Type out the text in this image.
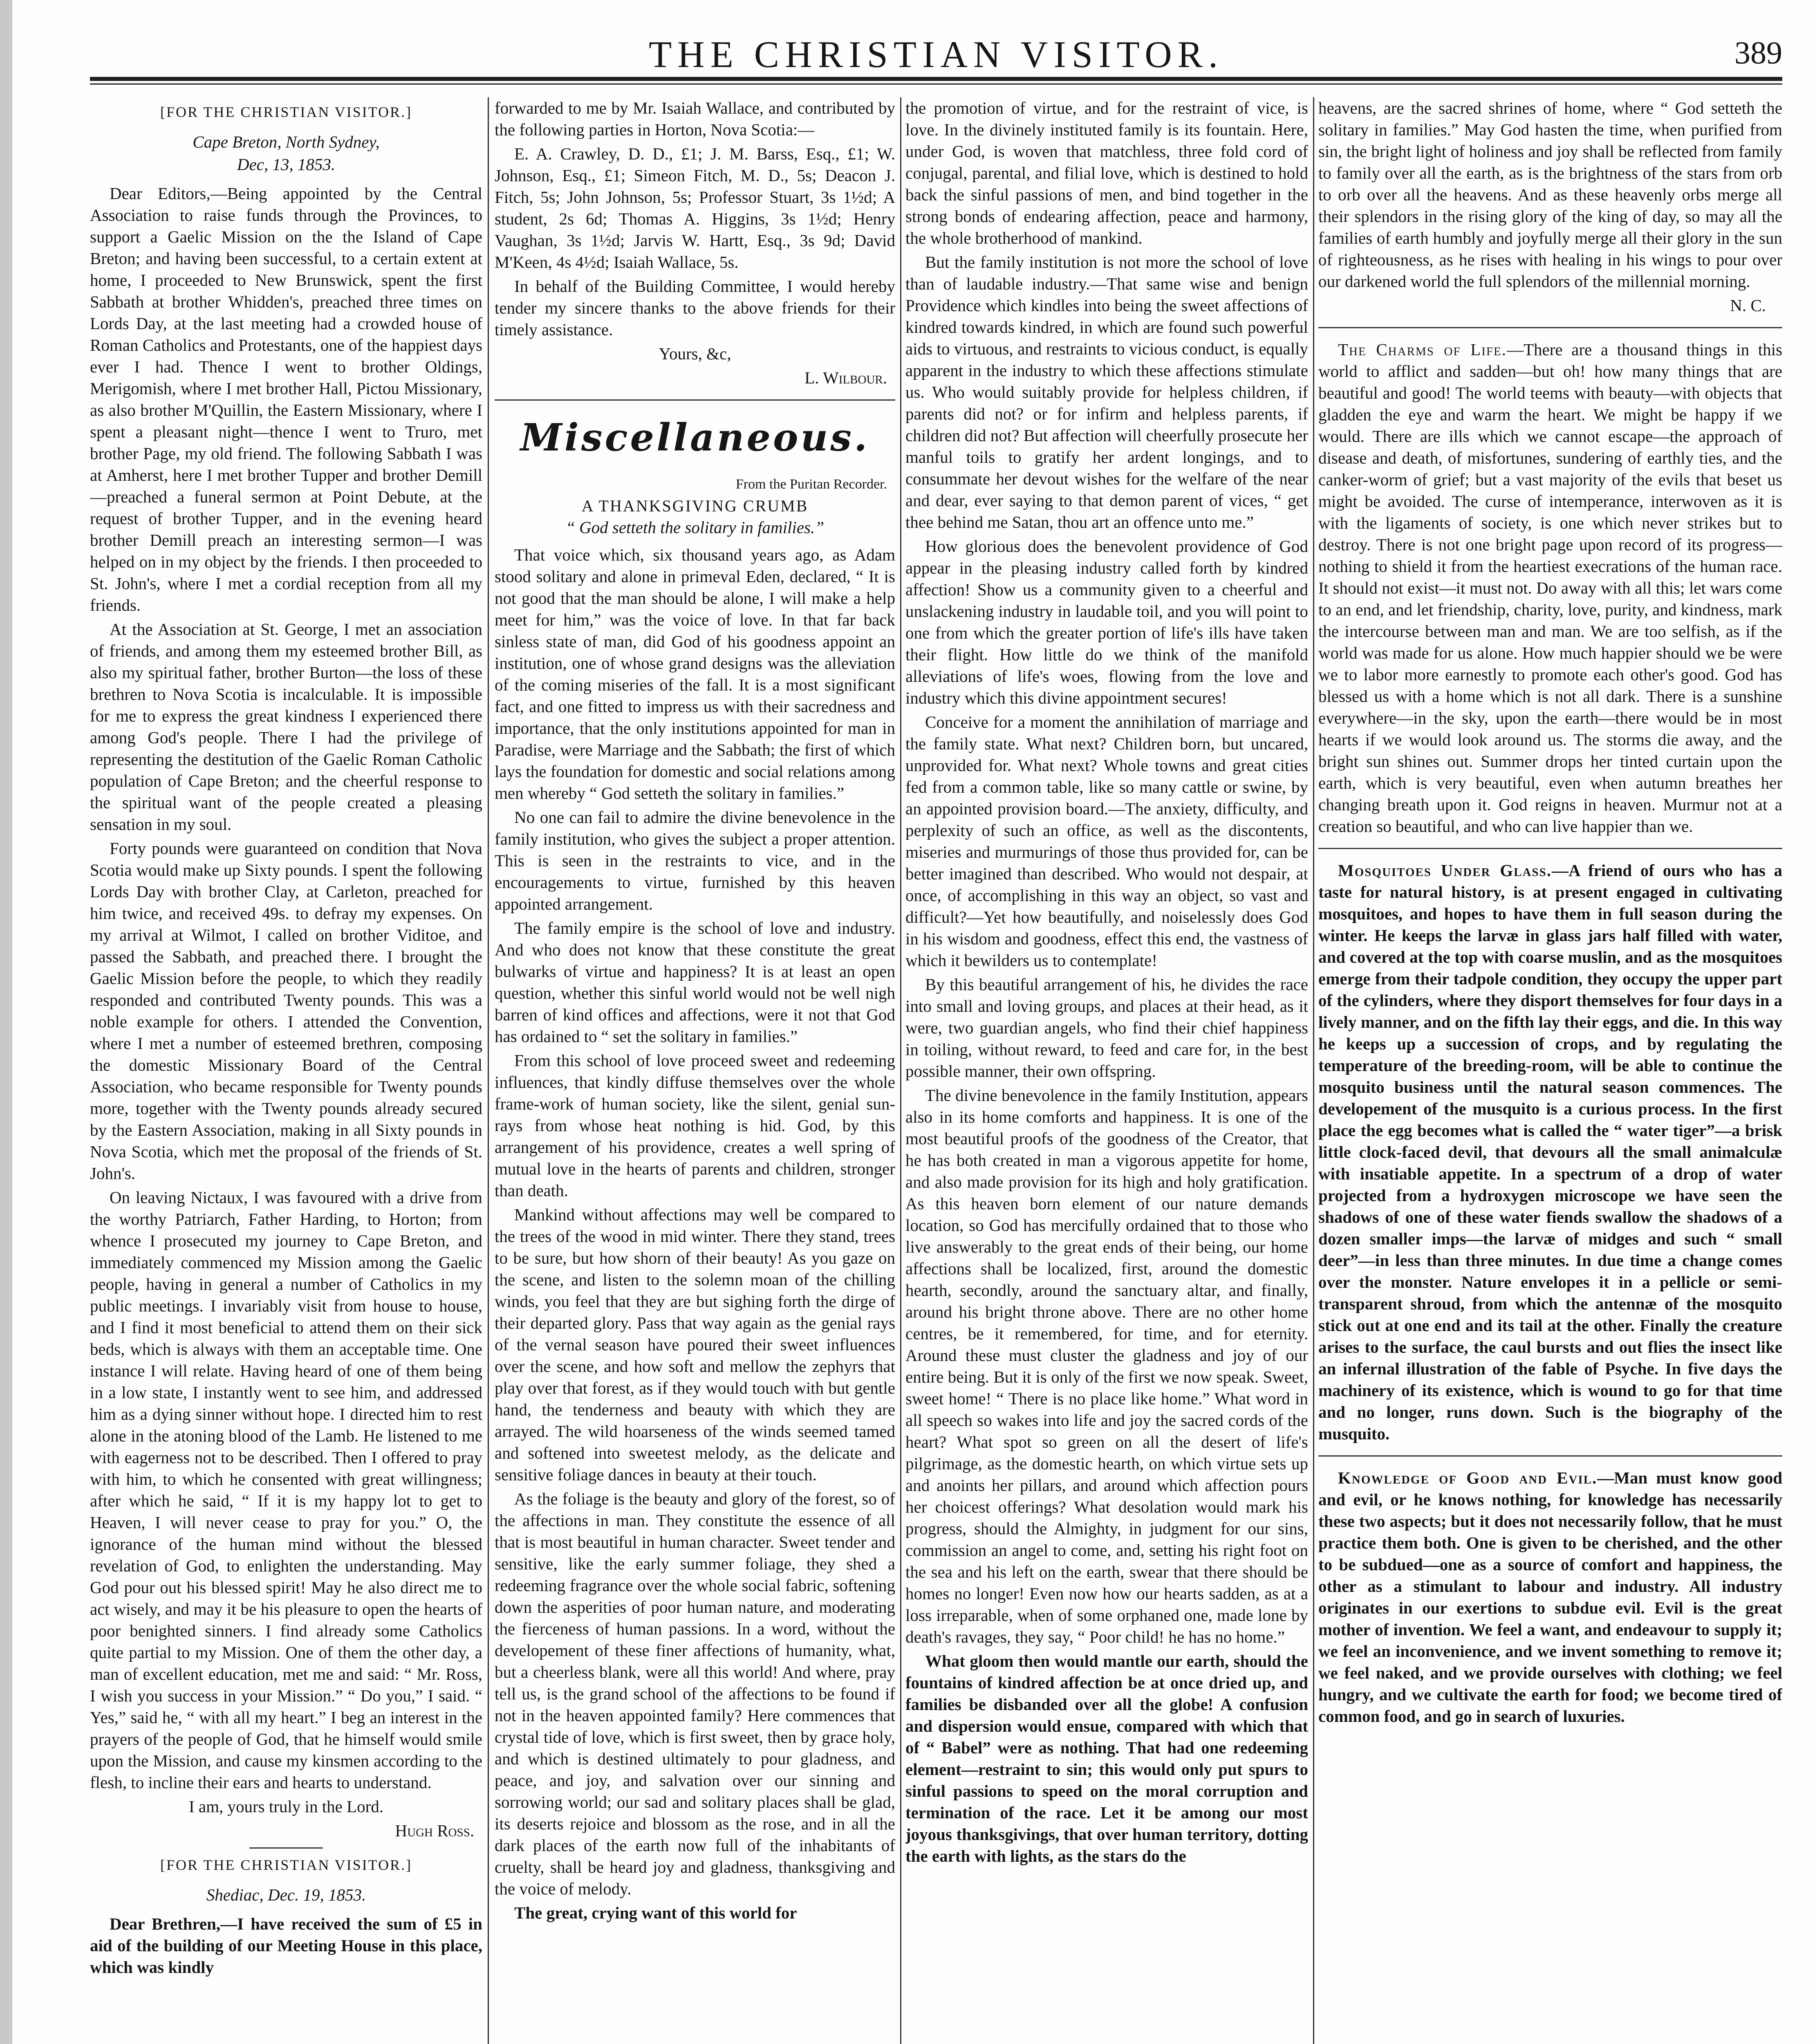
THE CHRISTIAN VISITOR.	389

[FOR THE CHRISTIAN VISITOR.]

Cape Breton, North Sydney,

Dec, 13, 1853.

Dear Editors,—Being appointed by the Central Association to raise funds through the Provinces, to support a Gaelic Mission on the the Island of Cape Breton; and having been successful, to a certain extent at home, I proceeded to New Brunswick, spent the first Sabbath at brother Whidden's, preached three times on Lords Day, at the last meeting had a crowded house of Roman Catholics and Protestants, one of the happiest days ever I had. Thence I went to brother Oldings, Merigomish, where I met brother Hall, Pictou Missionary, as also brother M'Quillin, the Eastern Missionary, where I spent a pleasant night—thence I went to Truro, met brother Page, my old friend. The following Sabbath I was at Amherst, here I met brother Tupper and brother Demill—preached a funeral sermon at Point Debute, at the request of brother Tupper, and in the evening heard brother Demill preach an interesting sermon—I was helped on in my object by the friends. I then proceeded to St. John's, where I met a cordial reception from all my friends.

At the Association at St. George, I met an association of friends, and among them my esteemed brother Bill, as also my spiritual father, brother Burton—the loss of these brethren to Nova Scotia is incalculable. It is impossible for me to express the great kindness I experienced there among God's people. There I had the privilege of representing the destitution of the Gaelic Roman Catholic population of Cape Breton; and the cheerful response to the spiritual want of the people created a pleasing sensation in my soul.

Forty pounds were guaranteed on condition that Nova Scotia would make up Sixty pounds. I spent the following Lords Day with brother Clay, at Carleton, preached for him twice, and received 49s. to defray my expenses. On my arrival at Wilmot, I called on brother Viditoe, and passed the Sabbath, and preached there. I brought the Gaelic Mission before the people, to which they readily responded and contributed Twenty pounds. This was a noble example for others. I attended the Convention, where I met a number of esteemed brethren, composing the domestic Missionary Board of the Central Association, who became responsible for Twenty pounds more, together with the Twenty pounds already secured by the Eastern Association, making in all Sixty pounds in Nova Scotia, which met the proposal of the friends of St. John's.

On leaving Nictaux, I was favoured with a drive from the worthy Patriarch, Father Harding, to Horton; from whence I prosecuted my journey to Cape Breton, and immediately commenced my Mission among the Gaelic people, having in general a number of Catholics in my public meetings. I invariably visit from house to house, and I find it most beneficial to attend them on their sick beds, which is always with them an acceptable time. One instance I will relate. Having heard of one of them being in a low state, I instantly went to see him, and addressed him as a dying sinner without hope. I directed him to rest alone in the atoning blood of the Lamb. He listened to me with eagerness not to be described. Then I offered to pray with him, to which he consented with great willingness; after which he said, “ If it is my happy lot to get to Heaven, I will never cease to pray for you.” O, the ignorance of the human mind without the blessed revelation of God, to enlighten the understanding. May God pour out his blessed spirit! May he also direct me to act wisely, and may it be his pleasure to open the hearts of poor benighted sinners. I find already some Catholics quite partial to my Mission. One of them the other day, a man of excellent education, met me and said: “ Mr. Ross, I wish you success in your Mission.” “ Do you,” I said. “ Yes,” said he, “ with all my heart.” I beg an interest in the prayers of the people of God, that he himself would smile upon the Mission, and cause my kinsmen according to the flesh, to incline their ears and hearts to understand.

I am, yours truly in the Lord.

Hugh Ross.

[FOR THE CHRISTIAN VISITOR.]

Shediac, Dec. 19, 1853.

Dear Brethren,—I have received the sum of £5 in aid of the building of our Meeting House in this place, which was kindly

forwarded to me by Mr. Isaiah Wallace, and contributed by the following parties in Horton, Nova Scotia:—

E. A. Crawley, D. D., £1; J. M. Barss, Esq., £1; W. Johnson, Esq., £1; Simeon Fitch, M. D., 5s; Deacon J. Fitch, 5s; John Johnson, 5s; Professor Stuart, 3s 1½d; A student, 2s 6d; Thomas A. Higgins, 3s 1½d; Henry Vaughan, 3s 1½d; Jarvis W. Hartt, Esq., 3s 9d; David M'Keen, 4s 4½d; Isaiah Wallace, 5s.

In behalf of the Building Committee, I would hereby tender my sincere thanks to the above friends for their timely assistance.

Yours, &c,

L. Wilbour.

Miscellaneous.

From the Puritan Recorder.

A THANKSGIVING CRUMB

“ God setteth the solitary in families.”

That voice which, six thousand years ago, as Adam stood solitary and alone in primeval Eden, declared, “ It is not good that the man should be alone, I will make a help meet for him,” was the voice of love. In that far back sinless state of man, did God of his goodness appoint an institution, one of whose grand designs was the alleviation of the coming miseries of the fall. It is a most significant fact, and one fitted to impress us with their sacredness and importance, that the only institutions appointed for man in Paradise, were Marriage and the Sabbath; the first of which lays the foundation for domestic and social relations among men whereby “ God setteth the solitary in families.”

No one can fail to admire the divine benevolence in the family institution, who gives the subject a proper attention. This is seen in the restraints to vice, and in the encouragements to virtue, furnished by this heaven appointed arrangement.

The family empire is the school of love and industry. And who does not know that these constitute the great bulwarks of virtue and happiness? It is at least an open question, whether this sinful world would not be well nigh barren of kind offices and affections, were it not that God has ordained to “ set the solitary in families.”

From this school of love proceed sweet and redeeming influences, that kindly diffuse themselves over the whole frame-work of human society, like the silent, genial sun-rays from whose heat nothing is hid. God, by this arrangement of his providence, creates a well spring of mutual love in the hearts of parents and children, stronger than death.

Mankind without affections may well be compared to the trees of the wood in mid winter. There they stand, trees to be sure, but how shorn of their beauty! As you gaze on the scene, and listen to the solemn moan of the chilling winds, you feel that they are but sighing forth the dirge of their departed glory. Pass that way again as the genial rays of the vernal season have poured their sweet influences over the scene, and how soft and mellow the zephyrs that play over that forest, as if they would touch with but gentle hand, the tenderness and beauty with which they are arrayed. The wild hoarseness of the winds seemed tamed and softened into sweetest melody, as the delicate and sensitive foliage dances in beauty at their touch.

As the foliage is the beauty and glory of the forest, so of the affections in man. They constitute the essence of all that is most beautiful in human character. Sweet tender and sensitive, like the early summer foliage, they shed a redeeming fragrance over the whole social fabric, softening down the asperities of poor human nature, and moderating the fierceness of human passions. In a word, without the developement of these finer affections of humanity, what, but a cheerless blank, were all this world! And where, pray tell us, is the grand school of the affections to be found if not in the heaven appointed family? Here commences that crystal tide of love, which is first sweet, then by grace holy, and which is destined ultimately to pour gladness, and peace, and joy, and salvation over our sinning and sorrowing world; our sad and solitary places shall be glad, its deserts rejoice and blossom as the rose, and in all the dark places of the earth now full of the inhabitants of cruelty, shall be heard joy and gladness, thanksgiving and the voice of melody.

The great, crying want of this world for

the promotion of virtue, and for the restraint of vice, is love. In the divinely instituted family is its fountain. Here, under God, is woven that matchless, three fold cord of conjugal, parental, and filial love, which is destined to hold back the sinful passions of men, and bind together in the strong bonds of endearing affection, peace and harmony, the whole brotherhood of mankind.

But the family institution is not more the school of love than of laudable industry.—That same wise and benign Providence which kindles into being the sweet affections of kindred towards kindred, in which are found such powerful aids to virtuous, and restraints to vicious conduct, is equally apparent in the industry to which these affections stimulate us. Who would suitably provide for helpless children, if parents did not? or for infirm and helpless parents, if children did not? But affection will cheerfully prosecute her manful toils to gratify her ardent longings, and to consummate her devout wishes for the welfare of the near and dear, ever saying to that demon parent of vices, “ get thee behind me Satan, thou art an offence unto me.”

How glorious does the benevolent providence of God appear in the pleasing industry called forth by kindred affection! Show us a community given to a cheerful and unslackening industry in laudable toil, and you will point to one from which the greater portion of life's ills have taken their flight. How little do we think of the manifold alleviations of life's woes, flowing from the love and industry which this divine appointment secures!

Conceive for a moment the annihilation of marriage and the family state. What next? Children born, but uncared, unprovided for. What next? Whole towns and great cities fed from a common table, like so many cattle or swine, by an appointed provision board.—The anxiety, difficulty, and perplexity of such an office, as well as the discontents, miseries and murmurings of those thus provided for, can be better imagined than described. Who would not despair, at once, of accomplishing in this way an object, so vast and difficult?—Yet how beautifully, and noiselessly does God in his wisdom and goodness, effect this end, the vastness of which it bewilders us to contemplate!

By this beautiful arrangement of his, he divides the race into small and loving groups, and places at their head, as it were, two guardian angels, who find their chief happiness in toiling, without reward, to feed and care for, in the best possible manner, their own offspring.

The divine benevolence in the family Institution, appears also in its home comforts and happiness. It is one of the most beautiful proofs of the goodness of the Creator, that he has both created in man a vigorous appetite for home, and also made provision for its high and holy gratification. As this heaven born element of our nature demands location, so God has mercifully ordained that to those who live answerably to the great ends of their being, our home affections shall be localized, first, around the domestic hearth, secondly, around the sanctuary altar, and finally, around his bright throne above. There are no other home centres, be it remembered, for time, and for eternity. Around these must cluster the gladness and joy of our entire being. But it is only of the first we now speak. Sweet, sweet home! “ There is no place like home.” What word in all speech so wakes into life and joy the sacred cords of the heart? What spot so green on all the desert of life's pilgrimage, as the domestic hearth, on which virtue sets up and anoints her pillars, and around which affection pours her choicest offerings? What desolation would mark his progress, should the Almighty, in judgment for our sins, commission an angel to come, and, setting his right foot on the sea and his left on the earth, swear that there should be homes no longer! Even now how our hearts sadden, as at a loss irreparable, when of some orphaned one, made lone by death's ravages, they say, “ Poor child! he has no home.”

What gloom then would mantle our earth, should the fountains of kindred affection be at once dried up, and families be disbanded over all the globe! A confusion and dispersion would ensue, compared with which that of “ Babel” were as nothing. That had one redeeming element—restraint to sin; this would only put spurs to sinful passions to speed on the moral corruption and termination of the race. Let it be among our most joyous thanksgivings, that over human territory, dotting the earth with lights, as the stars do the

heavens, are the sacred shrines of home, where “ God setteth the solitary in families.” May God hasten the time, when purified from sin, the bright light of holiness and joy shall be reflected from family to family over all the earth, as is the brightness of the stars from orb to orb over all the heavens. And as these heavenly orbs merge all their splendors in the rising glory of the king of day, so may all the families of earth humbly and joyfully merge all their glory in the sun of righteousness, as he rises with healing in his wings to pour over our darkened world the full splendors of the millennial morning.

N. C.

The Charms of Life.—There are a thousand things in this world to afflict and sadden—but oh! how many things that are beautiful and good! The world teems with beauty—with objects that gladden the eye and warm the heart. We might be happy if we would. There are ills which we cannot escape—the approach of disease and death, of misfortunes, sundering of earthly ties, and the canker-worm of grief; but a vast majority of the evils that beset us might be avoided. The curse of intemperance, interwoven as it is with the ligaments of society, is one which never strikes but to destroy. There is not one bright page upon record of its progress—nothing to shield it from the heartiest execrations of the human race. It should not exist—it must not. Do away with all this; let wars come to an end, and let friendship, charity, love, purity, and kindness, mark the intercourse between man and man. We are too selfish, as if the world was made for us alone. How much happier should we be were we to labor more earnestly to promote each other's good. God has blessed us with a home which is not all dark. There is a sunshine everywhere—in the sky, upon the earth—there would be in most hearts if we would look around us. The storms die away, and the bright sun shines out. Summer drops her tinted curtain upon the earth, which is very beautiful, even when autumn breathes her changing breath upon it. God reigns in heaven. Murmur not at a creation so beautiful, and who can live happier than we.

Mosquitoes Under Glass.—A friend of ours who has a taste for natural history, is at present engaged in cultivating mosquitoes, and hopes to have them in full season during the winter. He keeps the larvæ in glass jars half filled with water, and covered at the top with coarse muslin, and as the mosquitoes emerge from their tadpole condition, they occupy the upper part of the cylinders, where they disport themselves for four days in a lively manner, and on the fifth lay their eggs, and die. In this way he keeps up a succession of crops, and by regulating the temperature of the breeding-room, will be able to continue the mosquito business until the natural season commences. The developement of the musquito is a curious process. In the first place the egg becomes what is called the “ water tiger”—a brisk little clock-faced devil, that devours all the small animalculæ with insatiable appetite. In a spectrum of a drop of water projected from a hydroxygen microscope we have seen the shadows of one of these water fiends swallow the shadows of a dozen smaller imps—the larvæ of midges and such “ small deer”—in less than three minutes. In due time a change comes over the monster. Nature envelopes it in a pellicle or semi-transparent shroud, from which the antennæ of the mosquito stick out at one end and its tail at the other. Finally the creature arises to the surface, the caul bursts and out flies the insect like an infernal illustration of the fable of Psyche. In five days the machinery of its existence, which is wound to go for that time and no longer, runs down. Such is the biography of the musquito.

Knowledge of Good and Evil.—Man must know good and evil, or he knows nothing, for knowledge has necessarily these two aspects; but it does not necessarily follow, that he must practice them both. One is given to be cherished, and the other to be subdued—one as a source of comfort and happiness, the other as a stimulant to labour and industry. All industry originates in our exertions to subdue evil. Evil is the great mother of invention. We feel a want, and endeavour to supply it; we feel an inconvenience, and we invent something to remove it; we feel naked, and we provide ourselves with clothing; we feel hungry, and we cultivate the earth for food; we become tired of common food, and go in search of luxuries.
